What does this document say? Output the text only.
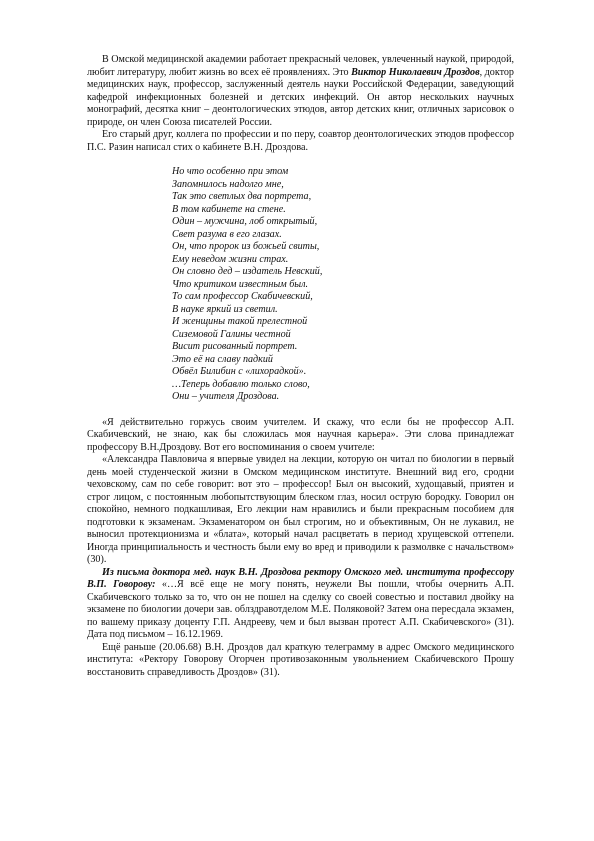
В Омской медицинской академии работает прекрасный человек, увлеченный наукой, природой, любит литературу, любит жизнь во всех её проявлениях. Это Виктор Николаевич Дроздов, доктор медицинских наук, профессор, заслуженный деятель науки Российской Федерации, заведующий кафедрой инфекционных болезней и детских инфекций. Он автор нескольких научных монографий, десятка книг – деонтологических этюдов, автор детских книг, отличных зарисовок о природе, он член Союза писателей России.

Его старый друг, коллега по профессии и по перу, соавтор деонтологических этюдов профессор П.С. Разин написал стих о кабинете В.Н. Дроздова.

Но что особенно при этом
Запомнилось надолго мне,
Так это светлых два портрета,
В том кабинете на стене.
Один – мужчина, лоб открытый,
Свет разума в его глазах.
Он, что пророк из божьей свиты,
Ему неведом жизни страх.
Он словно дед – издатель Невский,
Что критиком известным был.
То сам профессор Скабичевский,
В науке яркий из светил.
И женщины такой прелестной
Сиземовой Галины честной
Висит рисованный портрет.
Это её на славу падкий
Обвёл Билибин с «лихорадкой».
…Теперь добавлю только слово,
Они – учителя Дроздова.

«Я действительно горжусь своим учителем. И скажу, что если бы не профессор А.П. Скабичевский, не знаю, как бы сложилась моя научная карьера». Эти слова принадлежат профессору В.Н.Дроздову. Вот его воспоминания о своем учителе:

«Александра Павловича я впервые увидел на лекции, которую он читал по биологии в первый день моей студенческой жизни в Омском медицинском институте. Внешний вид его, сродни чеховскому, сам по себе говорит: вот это – профессор! Был он высокий, худощавый, приятен и строг лицом, с постоянным любопытствующим блеском глаз, носил острую бородку. Говорил он спокойно, немного подкашливая, Его лекции нам нравились и были прекрасным пособием для подготовки к экзаменам. Экзаменатором он был строгим, но и объективным, Он не лукавил, не выносил протекционизма и «блата», который начал расцветать в период хрущевской оттепели. Иногда принципиальность и честность были ему во вред и приводили к размолвке с начальством» (30).

Из письма доктора мед. наук В.Н. Дроздова ректору Омского мед. института профессору В.П. Говорову: «…Я всё еще не могу понять, неужели Вы пошли, чтобы очернить А.П. Скабичевского только за то, что он не пошел на сделку со своей совестью и поставил двойку на экзамене по биологии дочери зав. облздравотделом М.Е. Поляковой? Затем она пересдала экзамен, по вашему приказу доценту Г.П. Андрееву, чем и был вызван протест А.П. Скабичевского» (31). Дата под письмом – 16.12.1969.

Ещё раньше (20.06.68) В.Н. Дроздов дал краткую телеграмму в адрес Омского медицинского института: «Ректору Говорову Огорчен противозаконным увольнением Скабичевского Прошу восстановить справедливость Дроздов» (31).
